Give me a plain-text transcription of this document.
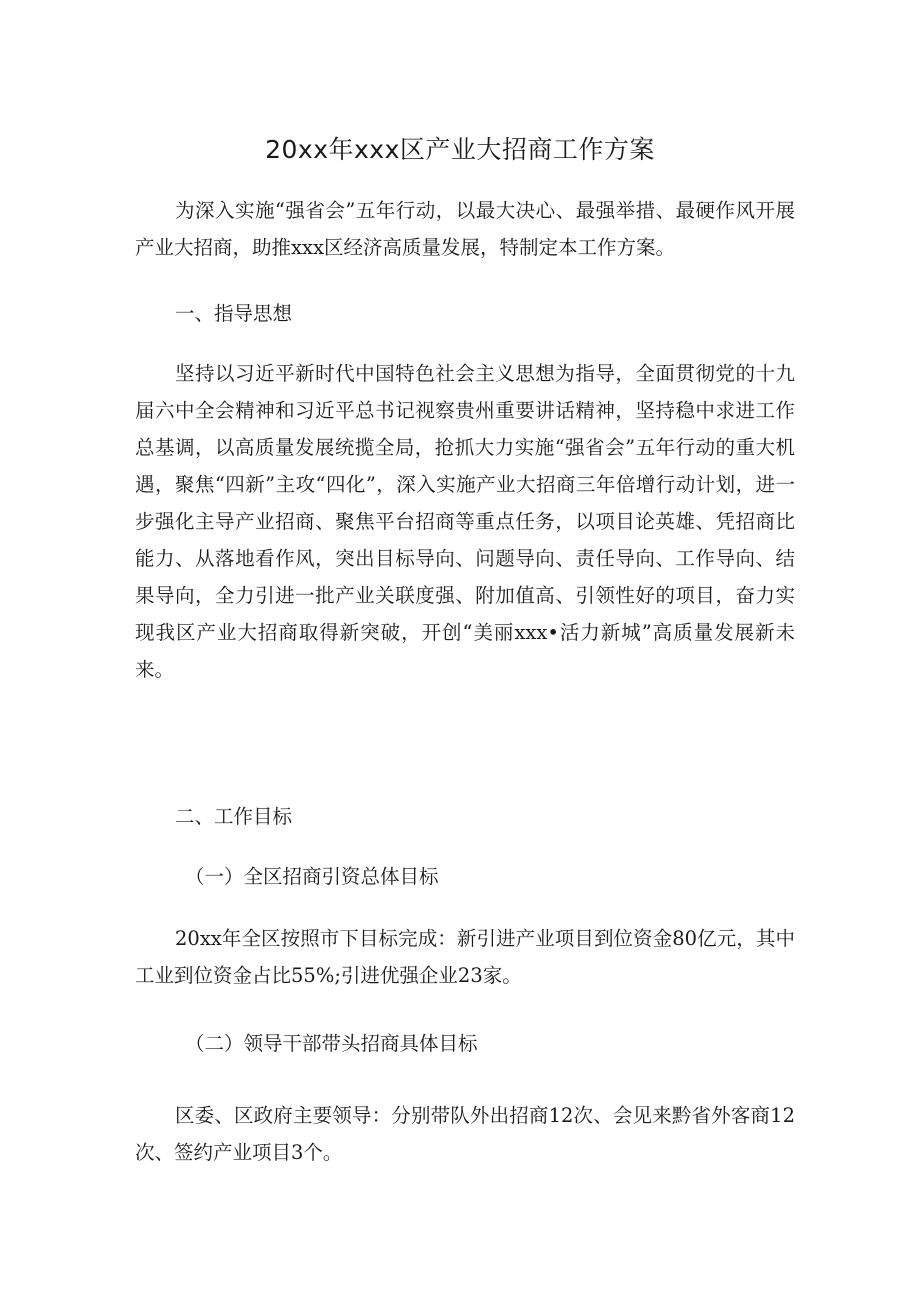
20xx年xxx区产业大招商工作方案

为深入实施“强省会”五年行动，以最大决心、最强举措、最硬作风开展产业大招商，助推xxx区经济高质量发展，特制定本工作方案。

一、指导思想

坚持以习近平新时代中国特色社会主义思想为指导，全面贯彻党的十九届六中全会精神和习近平总书记视察贵州重要讲话精神，坚持稳中求进工作总基调，以高质量发展统揽全局，抢抓大力实施“强省会”五年行动的重大机遇，聚焦“四新”主攻“四化”，深入实施产业大招商三年倍增行动计划，进一步强化主导产业招商、聚焦平台招商等重点任务，以项目论英雄、凭招商比能力、从落地看作风，突出目标导向、问题导向、责任导向、工作导向、结果导向，全力引进一批产业关联度强、附加值高、引领性好的项目，奋力实现我区产业大招商取得新突破，开创“美丽xxx•活力新城”高质量发展新未来。

二、工作目标

（一）全区招商引资总体目标

20xx年全区按照市下目标完成：新引进产业项目到位资金80亿元，其中工业到位资金占比55%;引进优强企业23家。

（二）领导干部带头招商具体目标

区委、区政府主要领导：分别带队外出招商12次、会见来黔省外客商12次、签约产业项目3个。
